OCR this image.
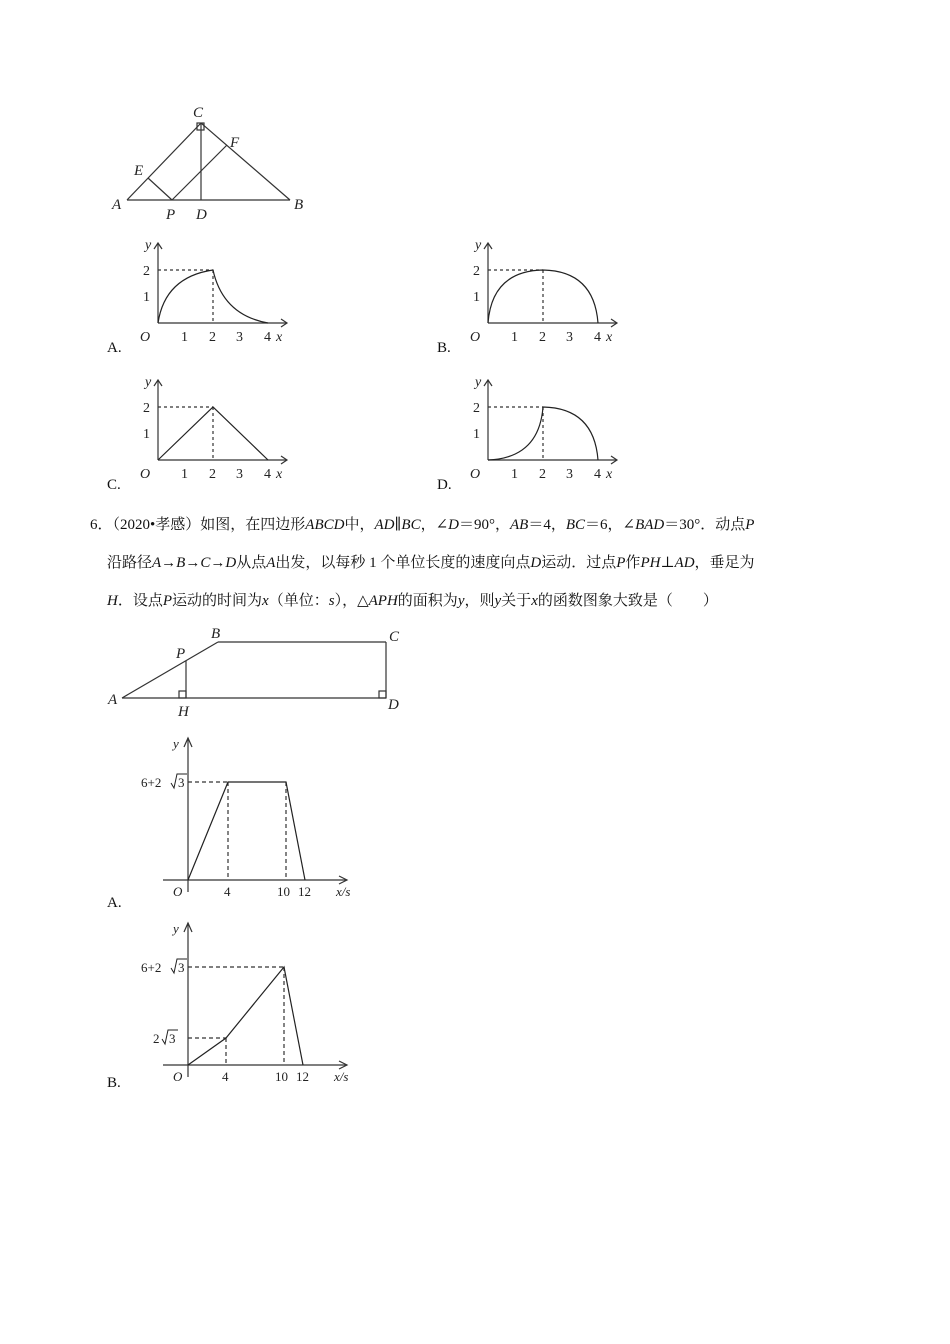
C
E
F
A
P D
B
y
2
1
O 1 2 3 4 x
A.
y
2
1
O 1 2 3 4 x
B.
y
2
1
O 1 2 3 4 x
C.
y
2
1
O 1 2 3 4 x
D.
6．（2020•孝感）如图，在四边形ABCD中，AD∥BC，∠D＝90°，AB＝4，BC＝6，∠BAD＝30°．动点P
沿路径A→B→C→D从点A出发，以每秒 1 个单位长度的速度向点D运动．过点P作PH⊥AD，垂足为
H．设点P运动的时间为x（单位：s），△APH的面积为y，则y关于x的函数图象大致是（　　）
B	C
P
A
H	D
y
6+2 3
O	4	10 12 x/s
A.
y
6+2 3
2 3
O	4	10 12 x/s
B.
